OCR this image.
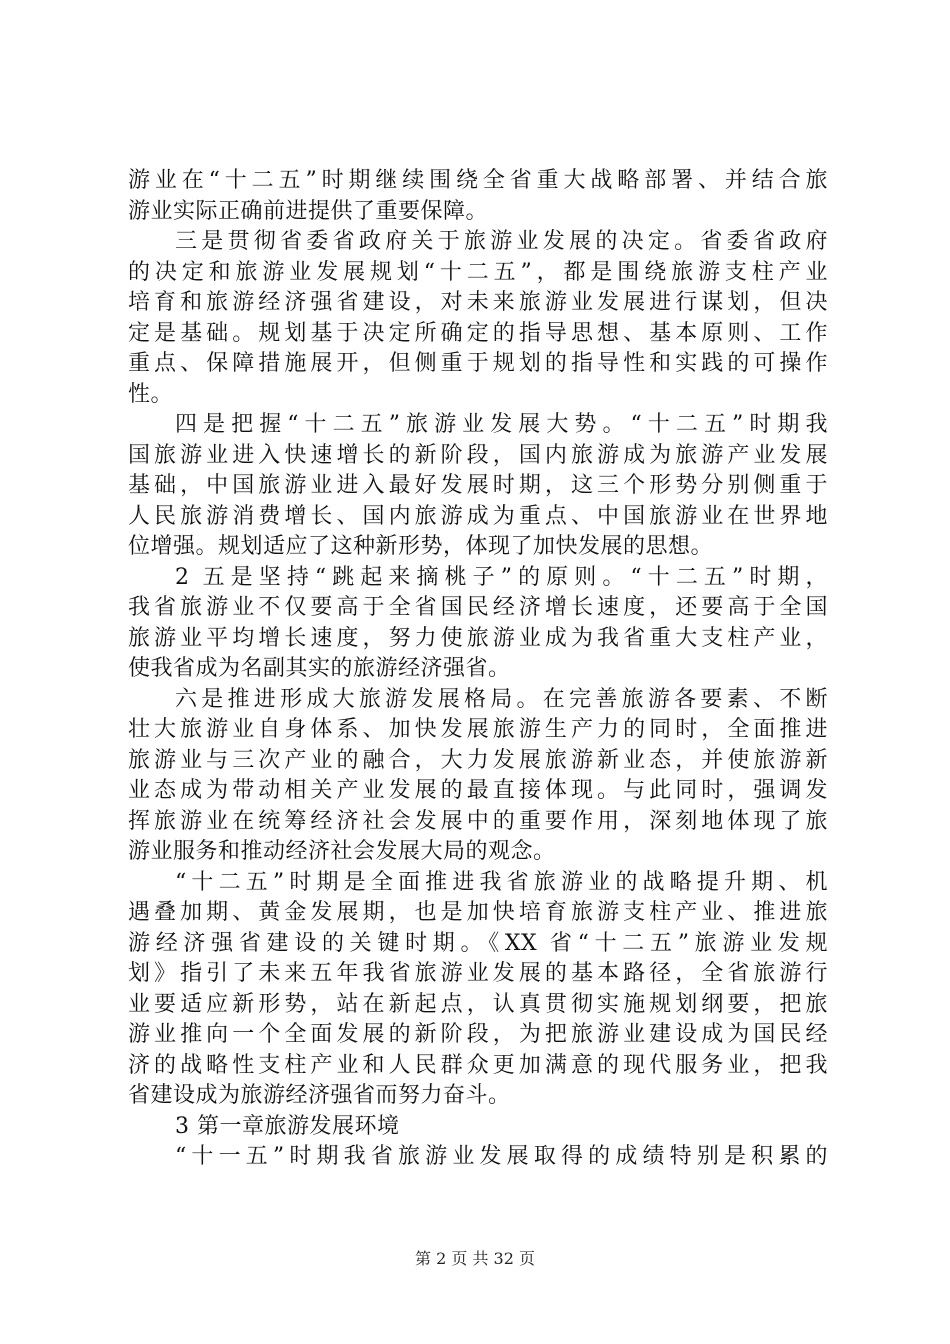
游业在“十二五”时期继续围绕全省重大战略部署、并结合旅
游业实际正确前进提供了重要保障。
三是贯彻省委省政府关于旅游业发展的决定。省委省政府
的决定和旅游业发展规划“十二五”，都是围绕旅游支柱产业
培育和旅游经济强省建设，对未来旅游业发展进行谋划，但决
定是基础。规划基于决定所确定的指导思想、基本原则、工作
重点、保障措施展开，但侧重于规划的指导性和实践的可操作
性。
四是把握“十二五”旅游业发展大势。“十二五”时期我
国旅游业进入快速增长的新阶段，国内旅游成为旅游产业发展
基础，中国旅游业进入最好发展时期，这三个形势分别侧重于
人民旅游消费增长、国内旅游成为重点、中国旅游业在世界地
位增强。规划适应了这种新形势，体现了加快发展的思想。
2 五是坚持“跳起来摘桃子”的原则。“十二五”时期，
我省旅游业不仅要高于全省国民经济增长速度，还要高于全国
旅游业平均增长速度，努力使旅游业成为我省重大支柱产业，
使我省成为名副其实的旅游经济强省。
六是推进形成大旅游发展格局。在完善旅游各要素、不断
壮大旅游业自身体系、加快发展旅游生产力的同时，全面推进
旅游业与三次产业的融合，大力发展旅游新业态，并使旅游新
业态成为带动相关产业发展的最直接体现。与此同时，强调发
挥旅游业在统筹经济社会发展中的重要作用，深刻地体现了旅
游业服务和推动经济社会发展大局的观念。
“十二五”时期是全面推进我省旅游业的战略提升期、机
遇叠加期、黄金发展期，也是加快培育旅游支柱产业、推进旅
游经济强省建设的关键时期。《XX 省“十二五”旅游业发规
划》指引了未来五年我省旅游业发展的基本路径，全省旅游行
业要适应新形势，站在新起点，认真贯彻实施规划纲要，把旅
游业推向一个全面发展的新阶段，为把旅游业建设成为国民经
济的战略性支柱产业和人民群众更加满意的现代服务业，把我
省建设成为旅游经济强省而努力奋斗。
3 第一章旅游发展环境
“十一五”时期我省旅游业发展取得的成绩特别是积累的
第 2 页 共 32 页
